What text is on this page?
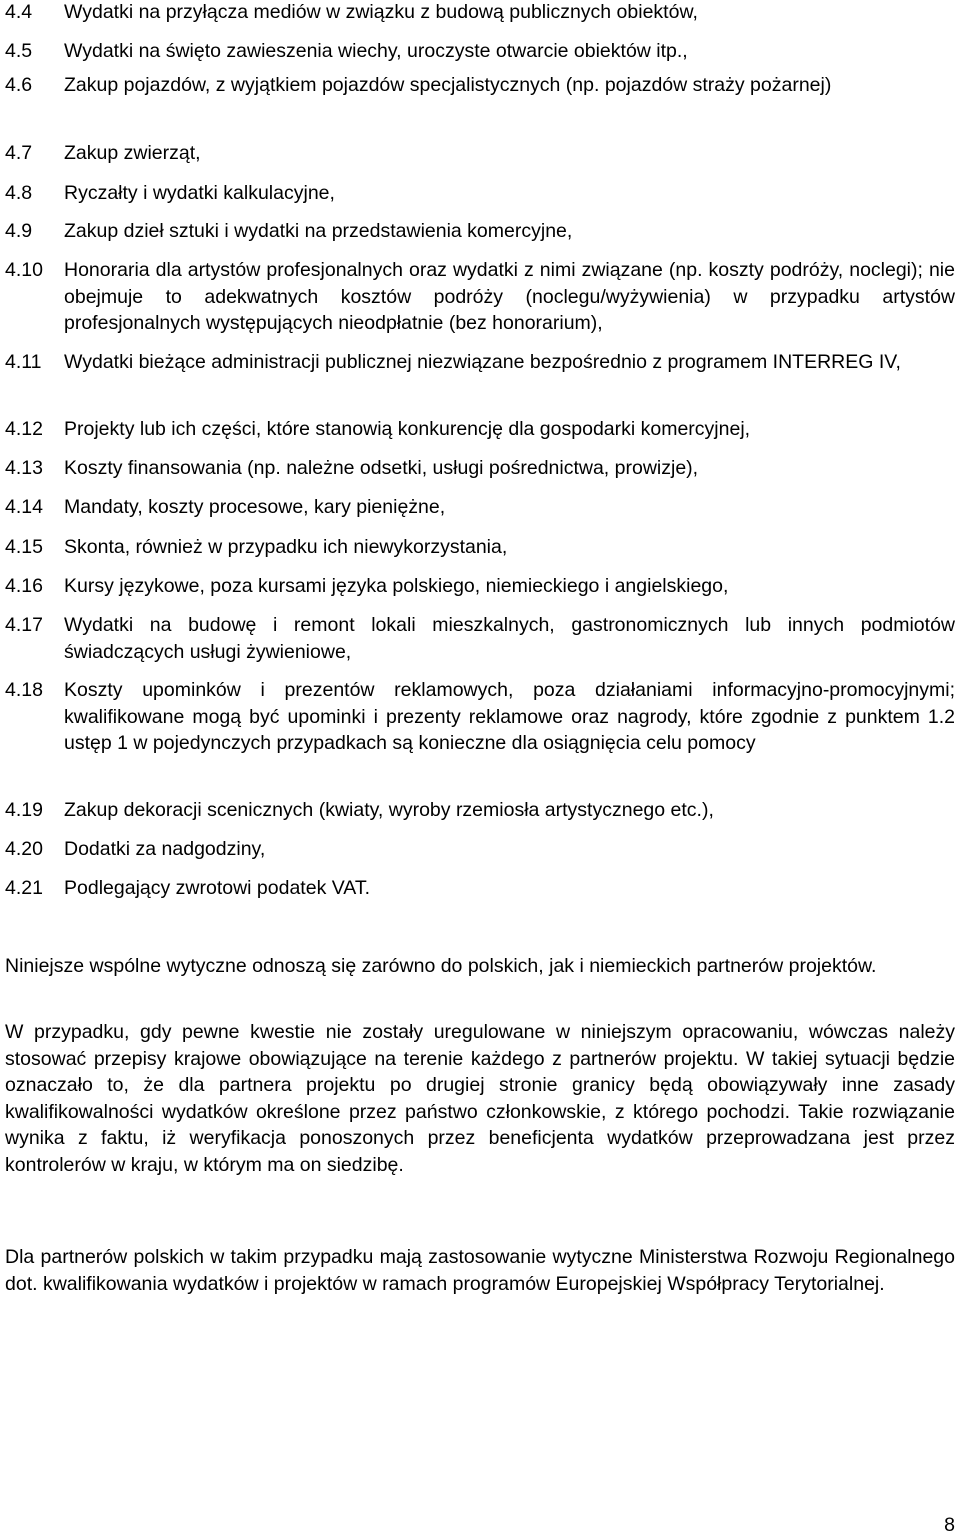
4.4	Wydatki na przyłącza mediów w związku z budową publicznych obiektów,
4.5	Wydatki na święto zawieszenia wiechy, uroczyste otwarcie obiektów itp.,
4.6	Zakup pojazdów, z wyjątkiem pojazdów specjalistycznych (np. pojazdów straży pożarnej)
4.7	Zakup zwierząt,
4.8	Ryczałty i wydatki kalkulacyjne,
4.9	Zakup dzieł sztuki i wydatki na przedstawienia komercyjne,
4.10	Honoraria dla artystów profesjonalnych oraz wydatki z nimi związane (np. koszty podróży, noclegi); nie obejmuje to adekwatnych kosztów podróży (noclegu/wyżywienia) w przypadku artystów profesjonalnych występujących nieodpłatnie (bez honorarium),
4.11	Wydatki bieżące administracji publicznej niezwiązane bezpośrednio z programem INTERREG IV,
4.12	Projekty lub ich części, które stanowią konkurencję dla gospodarki komercyjnej,
4.13	Koszty finansowania (np. należne odsetki, usługi pośrednictwa, prowizje),
4.14	Mandaty, koszty procesowe, kary pieniężne,
4.15	Skonta, również w przypadku ich niewykorzystania,
4.16	Kursy językowe, poza kursami języka polskiego, niemieckiego i angielskiego,
4.17	Wydatki na budowę i remont lokali mieszkalnych, gastronomicznych lub innych podmiotów świadczących usługi żywieniowe,
4.18	Koszty upominków i prezentów reklamowych, poza działaniami informacyjno-promocyjnymi; kwalifikowane mogą być upominki i prezenty reklamowe oraz nagrody, które zgodnie z punktem 1.2 ustęp 1 w pojedynczych przypadkach są konieczne dla osiągnięcia celu pomocy
4.19	Zakup dekoracji scenicznych (kwiaty, wyroby rzemiosła artystycznego etc.),
4.20	Dodatki za nadgodziny,
4.21	Podlegający zwrotowi podatek VAT.

Niniejsze wspólne wytyczne odnoszą się zarówno do polskich, jak i niemieckich partnerów projektów.

W przypadku, gdy pewne kwestie nie zostały uregulowane w niniejszym opracowaniu, wówczas należy stosować przepisy krajowe obowiązujące na terenie każdego z partnerów projektu. W takiej sytuacji będzie oznaczało to, że dla partnera projektu po drugiej stronie granicy będą obowiązywały inne zasady kwalifikowalności wydatków określone przez państwo członkowskie, z którego pochodzi. Takie rozwiązanie wynika z faktu, iż weryfikacja ponoszonych przez beneficjenta wydatków przeprowadzana jest przez kontrolerów w kraju, w którym ma on siedzibę.

Dla partnerów polskich w takim przypadku mają zastosowanie wytyczne Ministerstwa Rozwoju Regionalnego dot. kwalifikowania wydatków i projektów w ramach programów Europejskiej Współpracy Terytorialnej.

8
